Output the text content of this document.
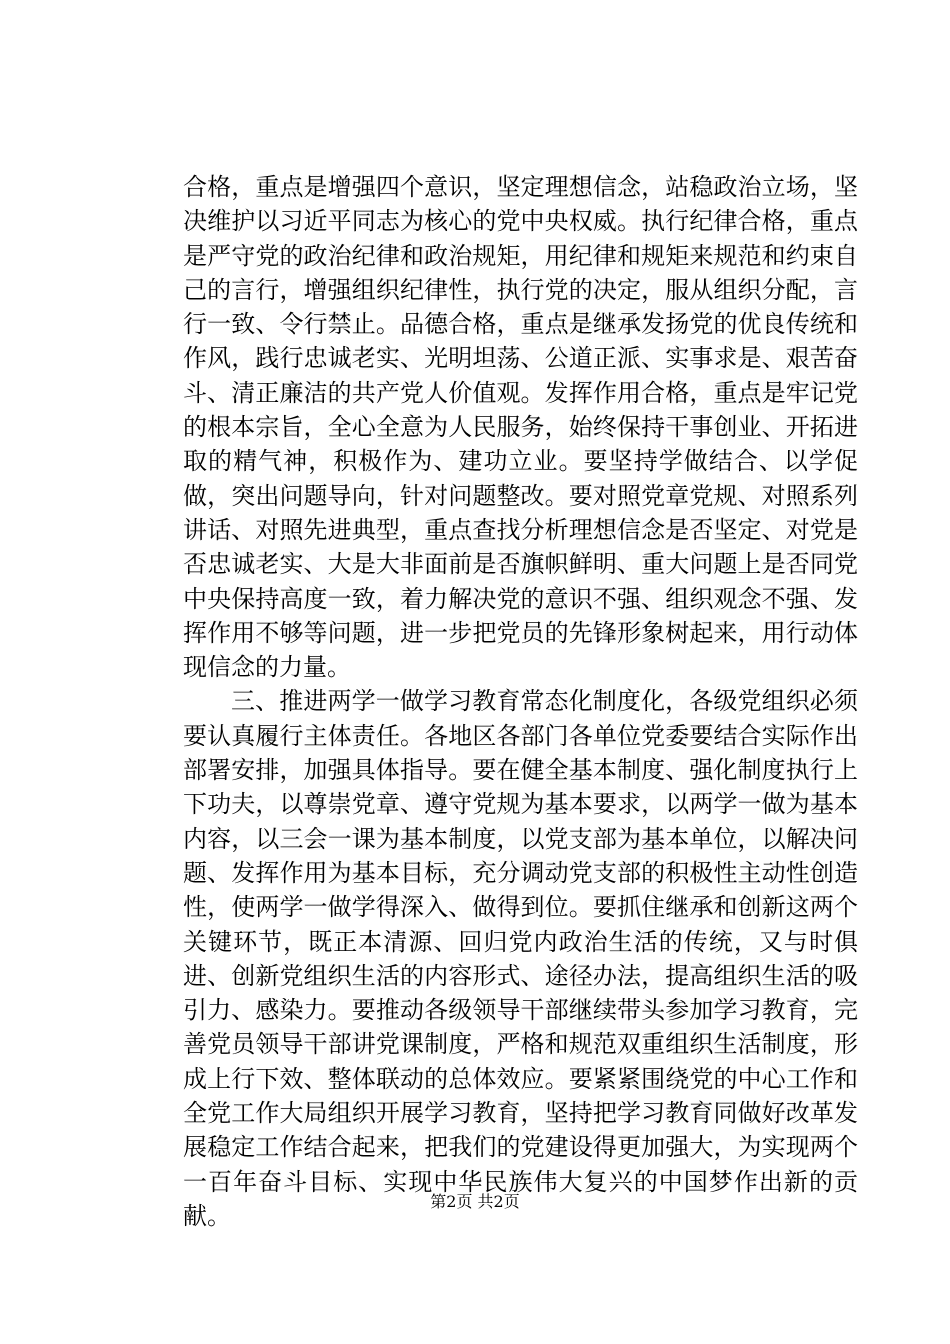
合格，重点是增强四个意识，坚定理想信念，站稳政治立场，坚决维护以习近平同志为核心的党中央权威。执行纪律合格，重点是严守党的政治纪律和政治规矩，用纪律和规矩来规范和约束自己的言行，增强组织纪律性，执行党的决定，服从组织分配，言行一致、令行禁止。品德合格，重点是继承发扬党的优良传统和作风，践行忠诚老实、光明坦荡、公道正派、实事求是、艰苦奋斗、清正廉洁的共产党人价值观。发挥作用合格，重点是牢记党的根本宗旨，全心全意为人民服务，始终保持干事创业、开拓进取的精气神，积极作为、建功立业。要坚持学做结合、以学促做，突出问题导向，针对问题整改。要对照党章党规、对照系列讲话、对照先进典型，重点查找分析理想信念是否坚定、对党是否忠诚老实、大是大非面前是否旗帜鲜明、重大问题上是否同党中央保持高度一致，着力解决党的意识不强、组织观念不强、发挥作用不够等问题，进一步把党员的先锋形象树起来，用行动体现信念的力量。

三、推进两学一做学习教育常态化制度化，各级党组织必须要认真履行主体责任。各地区各部门各单位党委要结合实际作出部署安排，加强具体指导。要在健全基本制度、强化制度执行上下功夫，以尊崇党章、遵守党规为基本要求，以两学一做为基本内容，以三会一课为基本制度，以党支部为基本单位，以解决问题、发挥作用为基本目标，充分调动党支部的积极性主动性创造性，使两学一做学得深入、做得到位。要抓住继承和创新这两个关键环节，既正本清源、回归党内政治生活的传统，又与时俱进、创新党组织生活的内容形式、途径办法，提高组织生活的吸引力、感染力。要推动各级领导干部继续带头参加学习教育，完善党员领导干部讲党课制度，严格和规范双重组织生活制度，形成上行下效、整体联动的总体效应。要紧紧围绕党的中心工作和全党工作大局组织开展学习教育，坚持把学习教育同做好改革发展稳定工作结合起来，把我们的党建设得更加强大，为实现两个一百年奋斗目标、实现中华民族伟大复兴的中国梦作出新的贡献。

第2页 共2页
